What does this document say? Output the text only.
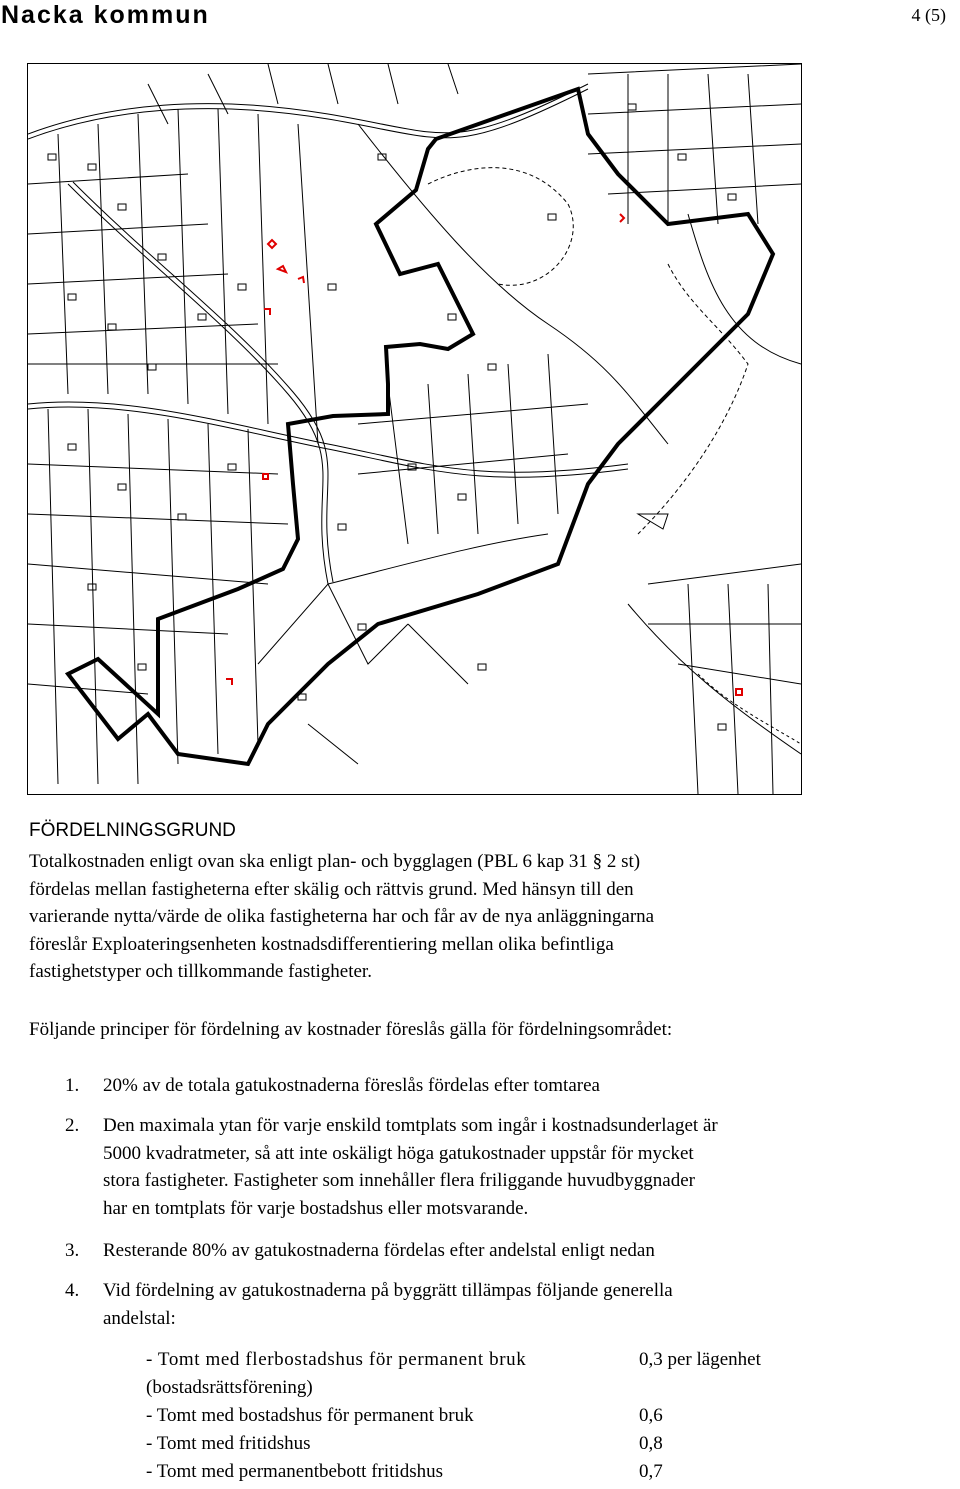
Nacka kommun	4 (5)
FÖRDELNINGSGRUND
Totalkostnaden enligt ovan ska enligt plan- och bygglagen (PBL 6 kap 31 § 2 st)
fördelas mellan fastigheterna efter skälig och rättvis grund. Med hänsyn till den
varierande nytta/värde de olika fastigheterna har och får av de nya anläggningarna
föreslår Exploateringsenheten kostnadsdifferentiering mellan olika befintliga
fastighetstyper och tillkommande fastigheter.
Följande principer för fördelning av kostnader föreslås gälla för fördelningsområdet:
1. 20% av de totala gatukostnaderna föreslås fördelas efter tomtarea
2. Den maximala ytan för varje enskild tomtplats som ingår i kostnadsunderlaget är
5000 kvadratmeter, så att inte oskäligt höga gatukostnader uppstår för mycket
stora fastigheter. Fastigheter som innehåller flera friliggande huvudbyggnader
har en tomtplats för varje bostadshus eller motsvarande.
3. Resterande 80% av gatukostnaderna fördelas efter andelstal enligt nedan
4. Vid fördelning av gatukostnaderna på byggrätt tillämpas följande generella
andelstal:
- Tomt med flerbostadshus för permanent bruk	0,3 per lägenhet
(bostadsrättsförening)
- Tomt med bostadshus för permanent bruk	0,6
- Tomt med fritidshus	0,8
- Tomt med permanentbebott fritidshus	0,7
